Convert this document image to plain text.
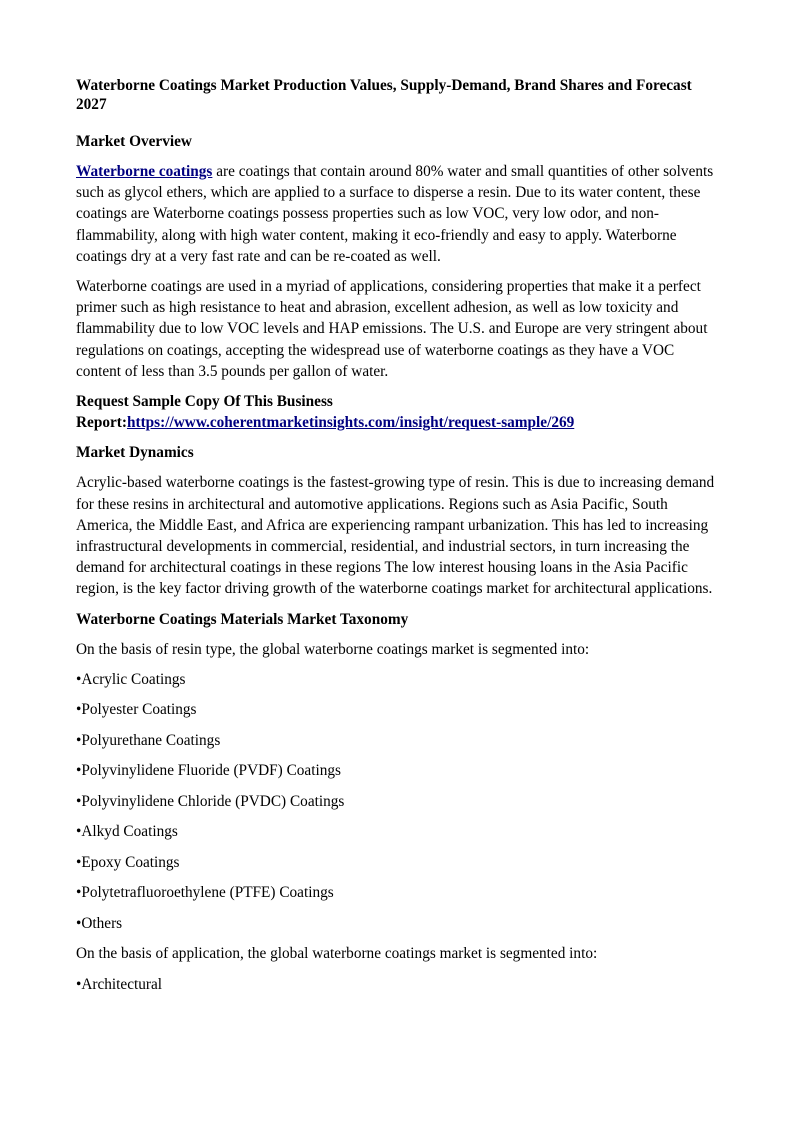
Waterborne Coatings Market Production Values, Supply-Demand, Brand Shares and Forecast 2027
Market Overview

Waterborne coatings are coatings that contain around 80% water and small quantities of other solvents such as glycol ethers, which are applied to a surface to disperse a resin. Due to its water content, these coatings are Waterborne coatings possess properties such as low VOC, very low odor, and non-flammability, along with high water content, making it eco-friendly and easy to apply. Waterborne coatings dry at a very fast rate and can be re-coated as well.

Waterborne coatings are used in a myriad of applications, considering properties that make it a perfect primer such as high resistance to heat and abrasion, excellent adhesion, as well as low toxicity and flammability due to low VOC levels and HAP emissions. The U.S. and Europe are very stringent about regulations on coatings, accepting the widespread use of waterborne coatings as they have a VOC content of less than 3.5 pounds per gallon of water.

Request Sample Copy Of This Business
Report:https://www.coherentmarketinsights.com/insight/request-sample/269

Market Dynamics

Acrylic-based waterborne coatings is the fastest-growing type of resin. This is due to increasing demand for these resins in architectural and automotive applications. Regions such as Asia Pacific, South America, the Middle East, and Africa are experiencing rampant urbanization. This has led to increasing infrastructural developments in commercial, residential, and industrial sectors, in turn increasing the demand for architectural coatings in these regions The low interest housing loans in the Asia Pacific region, is the key factor driving growth of the waterborne coatings market for architectural applications.

Waterborne Coatings Materials Market Taxonomy

On the basis of resin type, the global waterborne coatings market is segmented into:

•Acrylic Coatings
•Polyester Coatings
•Polyurethane Coatings
•Polyvinylidene Fluoride (PVDF) Coatings
•Polyvinylidene Chloride (PVDC) Coatings
•Alkyd Coatings
•Epoxy Coatings
•Polytetrafluoroethylene (PTFE) Coatings
•Others

On the basis of application, the global waterborne coatings market is segmented into:

•Architectural
